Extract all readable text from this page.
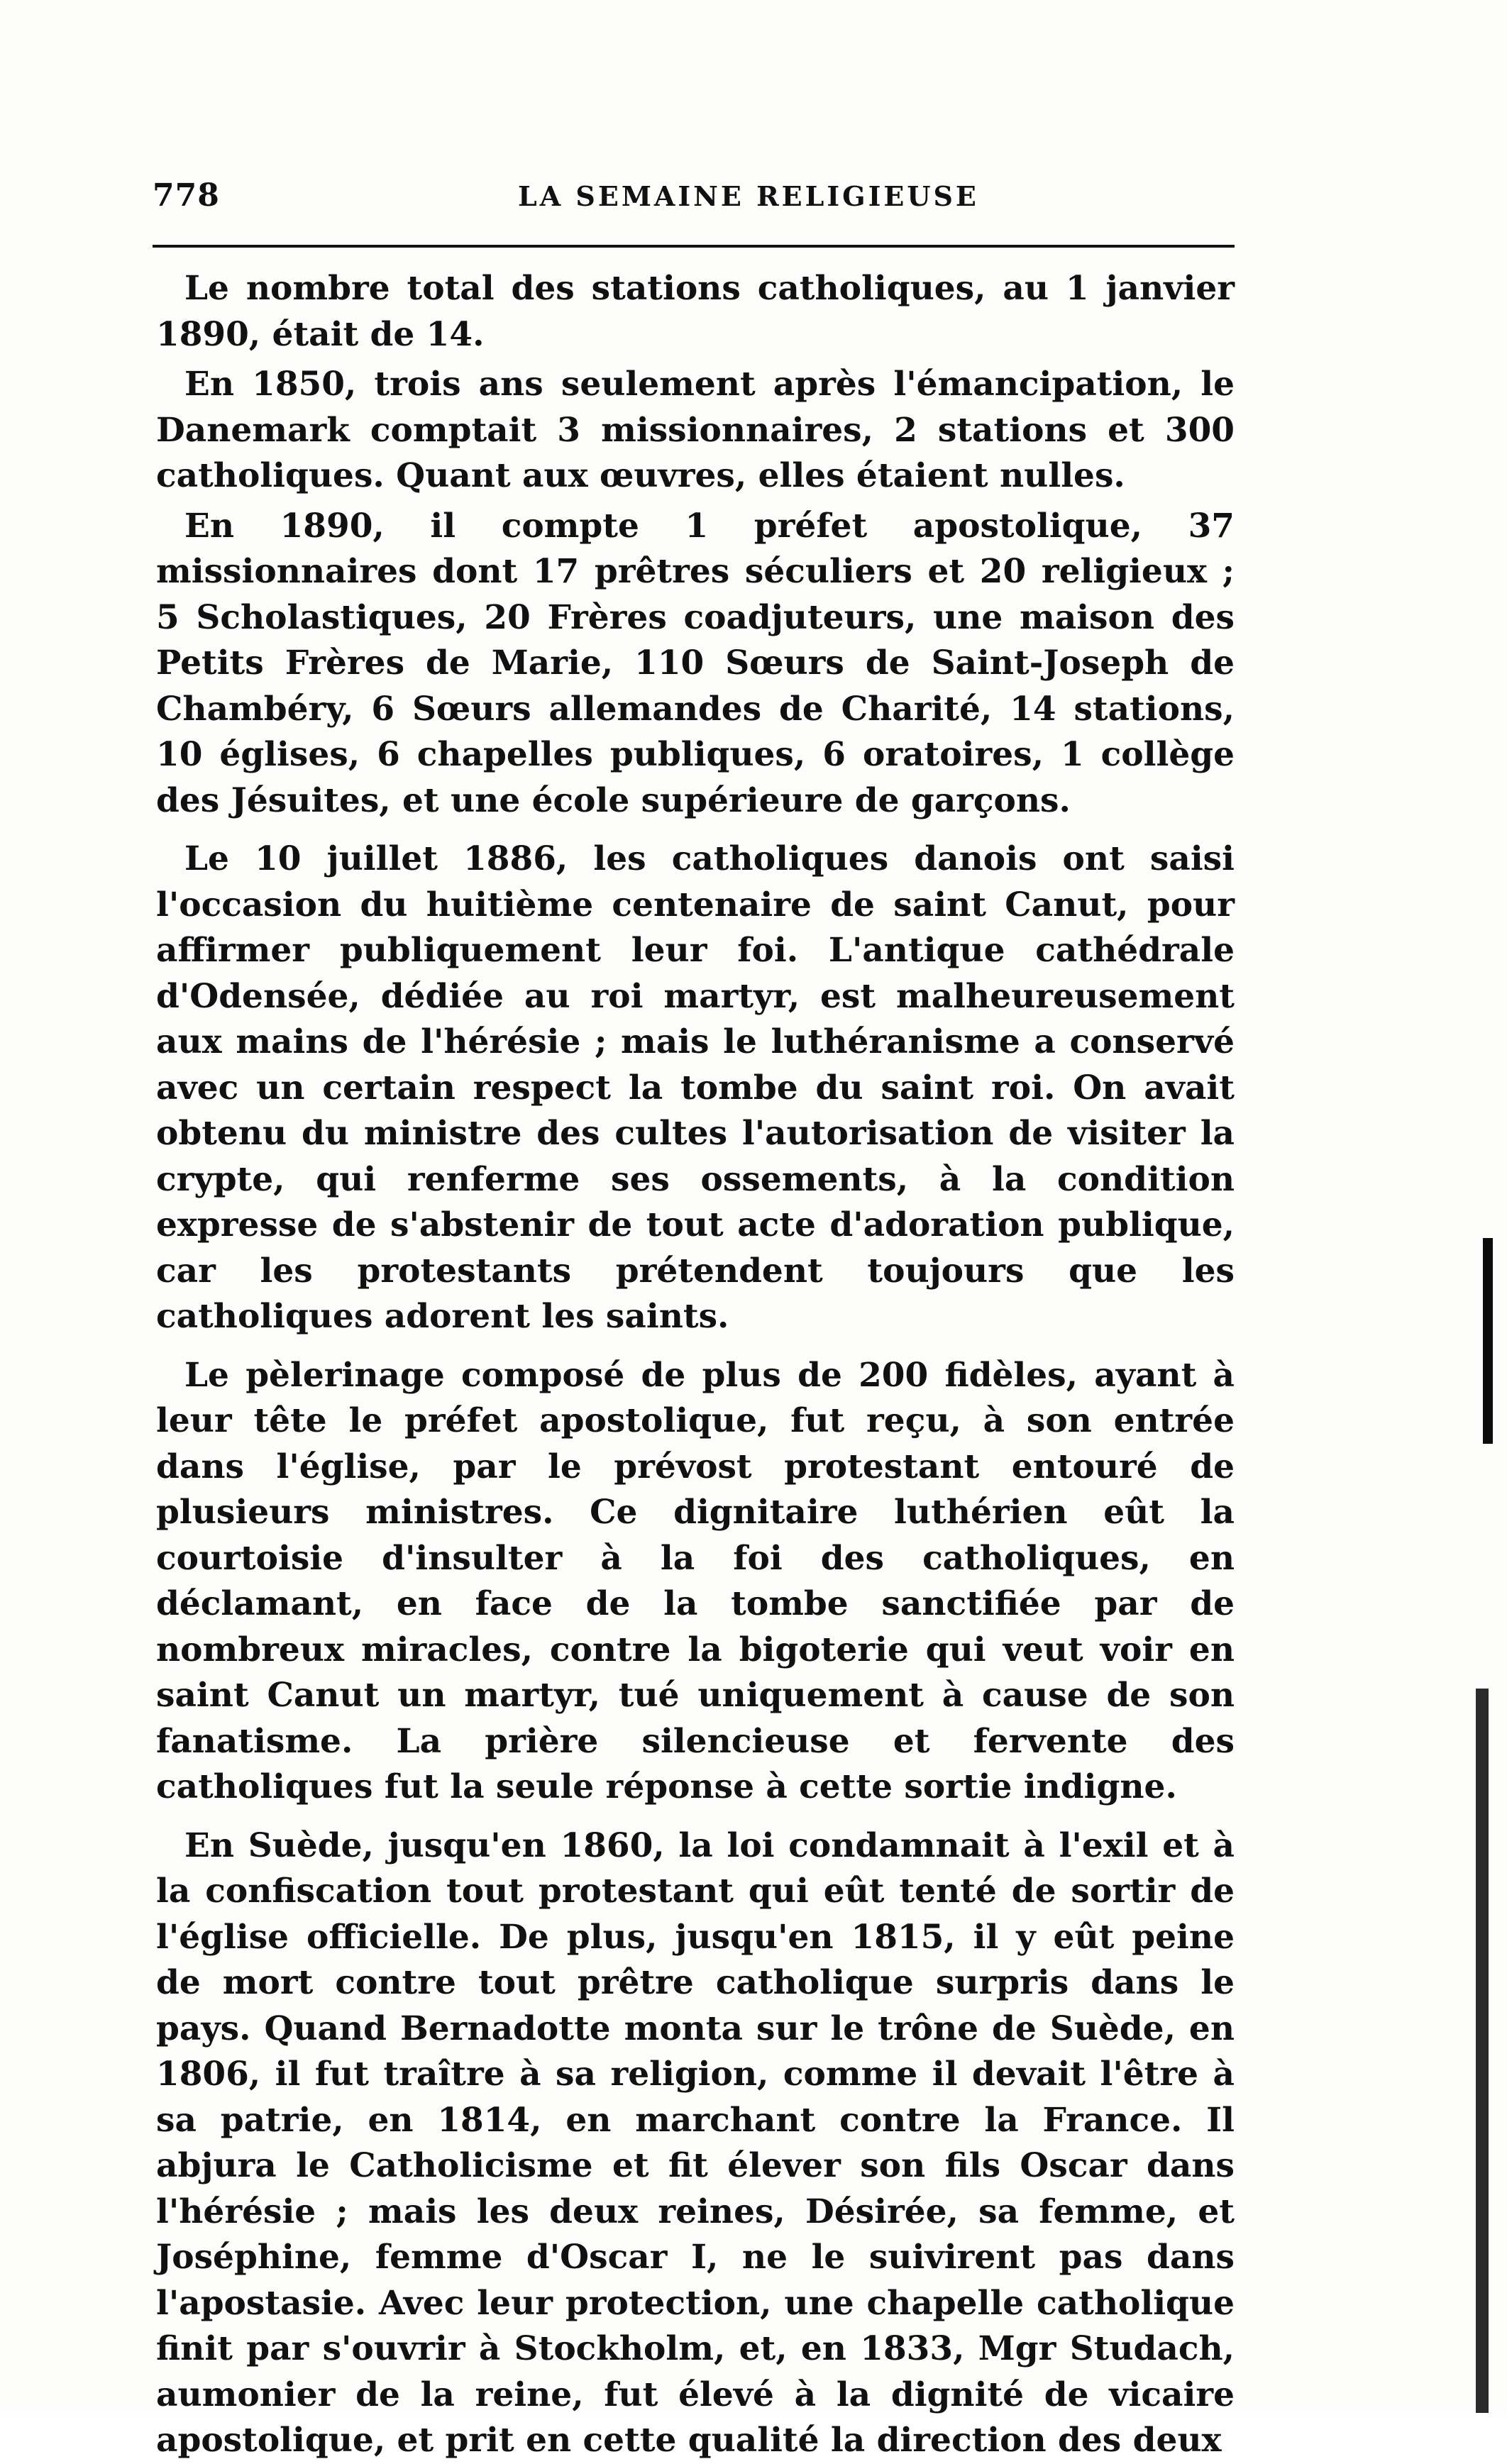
778	LA SEMAINE RELIGIEUSE

Le nombre total des stations catholiques, au 1 janvier 1890, était de 14.

En 1850, trois ans seulement après l'émancipation, le Danemark comptait 3 missionnaires, 2 stations et 300 catholiques. Quant aux œuvres, elles étaient nulles.

En 1890, il compte 1 préfet apostolique, 37 missionnaires dont 17 prêtres séculiers et 20 religieux ; 5 Scholastiques, 20 Frères coadjuteurs, une maison des Petits Frères de Marie, 110 Sœurs de Saint-Joseph de Chambéry, 6 Sœurs allemandes de Charité, 14 stations, 10 églises, 6 chapelles publiques, 6 oratoires, 1 collège des Jésuites, et une école supérieure de garçons.

Le 10 juillet 1886, les catholiques danois ont saisi l'occasion du huitième centenaire de saint Canut, pour affirmer publiquement leur foi. L'antique cathédrale d'Odensée, dédiée au roi martyr, est malheureusement aux mains de l'hérésie ; mais le luthéranisme a conservé avec un certain respect la tombe du saint roi. On avait obtenu du ministre des cultes l'autorisation de visiter la crypte, qui renferme ses ossements, à la condition expresse de s'abstenir de tout acte d'adoration publique, car les protestants prétendent toujours que les catholiques adorent les saints.

Le pèlerinage composé de plus de 200 fidèles, ayant à leur tête le préfet apostolique, fut reçu, à son entrée dans l'église, par le prévost protestant entouré de plusieurs ministres. Ce dignitaire luthérien eût la courtoisie d'insulter à la foi des catholiques, en déclamant, en face de la tombe sanctifiée par de nombreux miracles, contre la bigoterie qui veut voir en saint Canut un martyr, tué uniquement à cause de son fanatisme. La prière silencieuse et fervente des catholiques fut la seule réponse à cette sortie indigne.

En Suède, jusqu'en 1860, la loi condamnait à l'exil et à la confiscation tout protestant qui eût tenté de sortir de l'église officielle. De plus, jusqu'en 1815, il y eût peine de mort contre tout prêtre catholique surpris dans le pays. Quand Bernadotte monta sur le trône de Suède, en 1806, il fut traître à sa religion, comme il devait l'être à sa patrie, en 1814, en marchant contre la France. Il abjura le Catholicisme et fit élever son fils Oscar dans l'hérésie ; mais les deux reines, Désirée, sa femme, et Joséphine, femme d'Oscar I, ne le suivirent pas dans l'apostasie. Avec leur protection, une chapelle catholique finit par s'ouvrir à Stockholm, et, en 1833, Mgr Studach, aumonier de la reine, fut élevé à la dignité de vicaire apostolique, et prit en cette qualité la direction des deux
